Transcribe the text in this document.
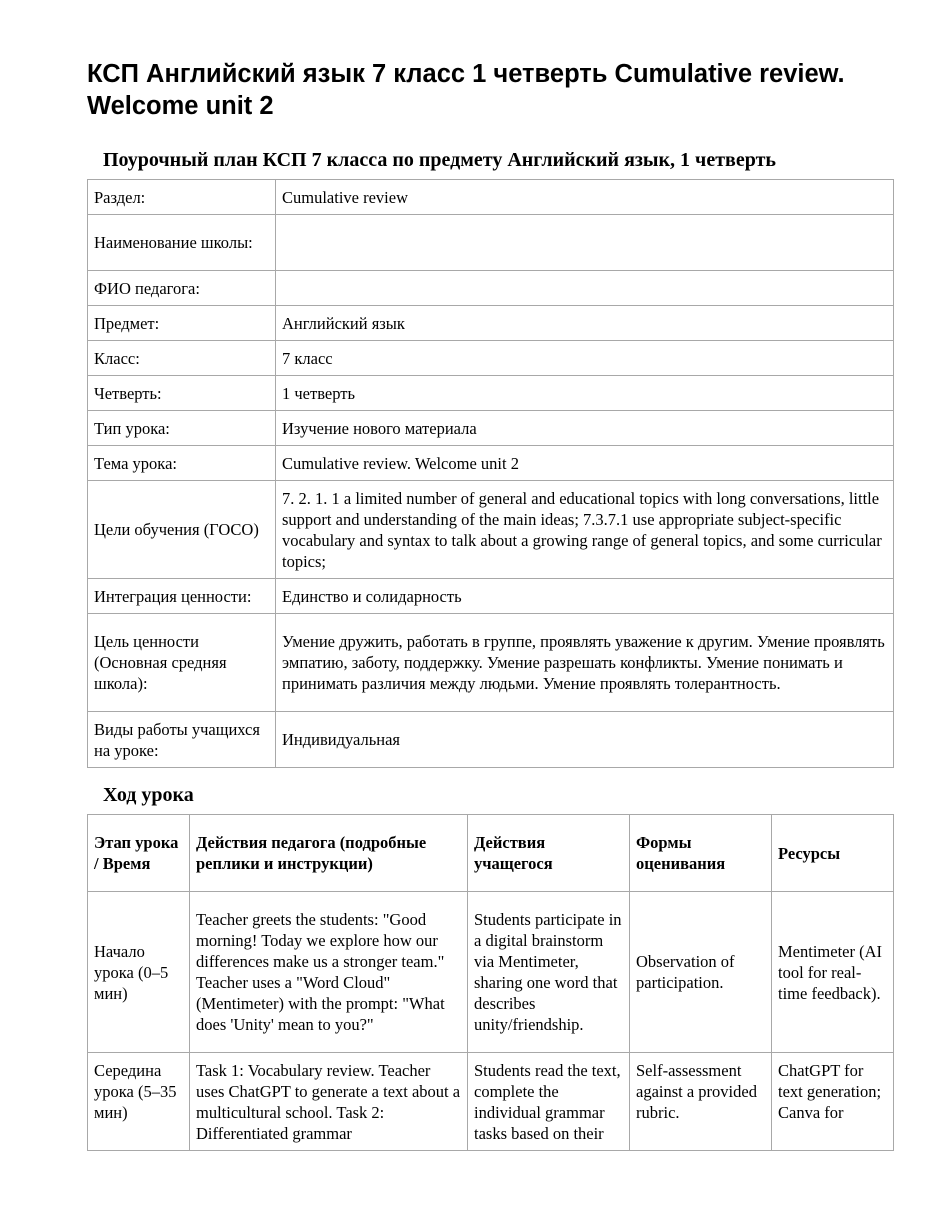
КСП Английский язык 7 класс 1 четверть Cumulative review. Welcome unit 2
Поурочный план КСП 7 класса по предмету Английский язык, 1 четверть
Раздел:	Cumulative review
Наименование школы:	
ФИО педагога:	
Предмет:	Английский язык
Класс:	7 класс
Четверть:	1 четверть
Тип урока:	Изучение нового материала
Тема урока:	Cumulative review. Welcome unit 2
Цели обучения (ГОСО)	7. 2. 1. 1 a limited number of general and educational topics with long conversations, little support and understanding of the main ideas; 7.3.7.1 use appropriate subject-specific vocabulary and syntax to talk about a growing range of general topics, and some curricular topics;
Интеграция ценности:	Единство и солидарность
Цель ценности (Основная средняя школа):	Умение дружить, работать в группе, проявлять уважение к другим. Умение проявлять эмпатию, заботу, поддержку. Умение разрешать конфликты. Умение понимать и принимать различия между людьми. Умение проявлять толерантность.
Виды работы учащихся на уроке:	Индивидуальная
Ход урока
Этап урока / Время	Действия педагога (подробные реплики и инструкции)	Действия учащегося	Формы оценивания	Ресурсы
Начало урока (0–5 мин)	Teacher greets the students: "Good morning! Today we explore how our differences make us a stronger team." Teacher uses a "Word Cloud" (Mentimeter) with the prompt: "What does 'Unity' mean to you?"	Students participate in a digital brainstorm via Mentimeter, sharing one word that describes unity/friendship.	Observation of participation.	Mentimeter (AI tool for real-time feedback).

Середина урока (5–35 мин)	Task 1: Vocabulary review. Teacher uses ChatGPT to generate a text about a multicultural school. Task 2: Differentiated grammar	Students read the text, complete the individual grammar tasks based on their	Self-assessment against a provided rubric.	ChatGPT for text generation; Canva for
